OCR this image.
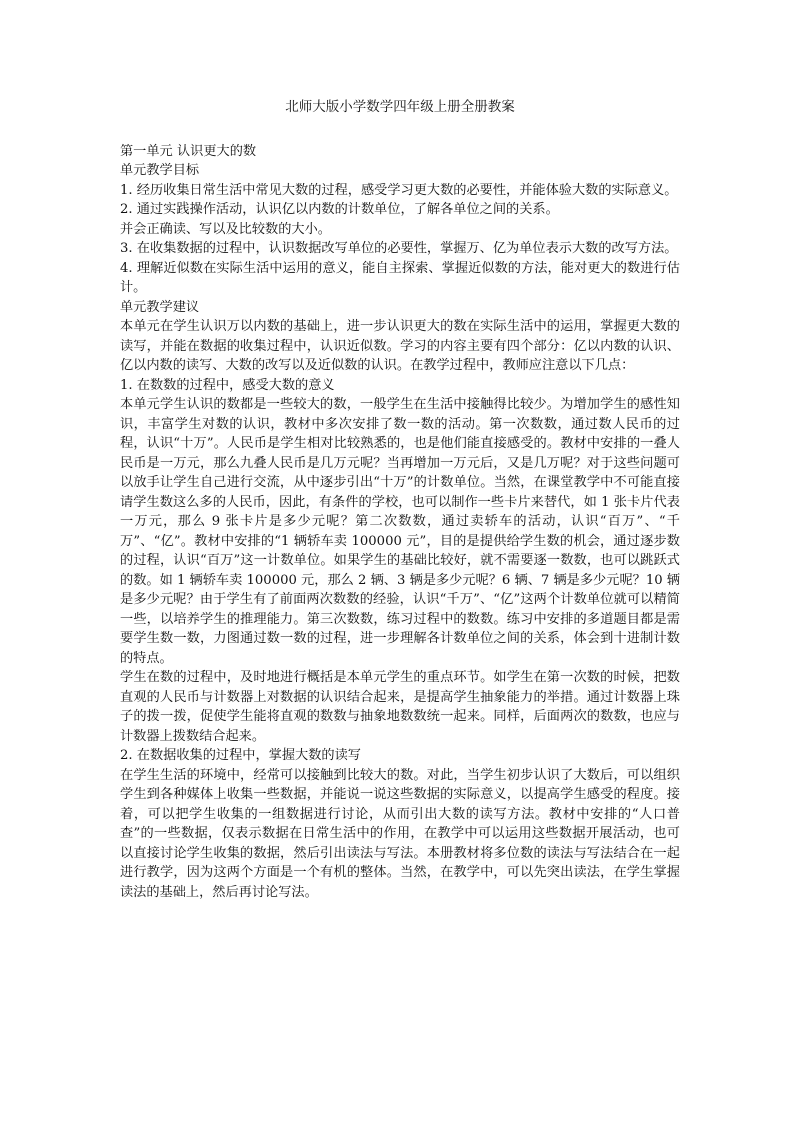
北师大版小学数学四年级上册全册教案

第一单元 认识更大的数

单元教学目标

1. 经历收集日常生活中常见大数的过程，感受学习更大数的必要性，并能体验大数的实际意义。

2. 通过实践操作活动，认识亿以内数的计数单位，了解各单位之间的关系。

并会正确读、写以及比较数的大小。

3. 在收集数据的过程中，认识数据改写单位的必要性，掌握万、亿为单位表示大数的改写方法。

4. 理解近似数在实际生活中运用的意义，能自主探索、掌握近似数的方法，能对更大的数进行估计。

单元教学建议

本单元在学生认识万以内数的基础上，进一步认识更大的数在实际生活中的运用，掌握更大数的读写，并能在数据的收集过程中，认识近似数。学习的内容主要有四个部分：亿以内数的认识、亿以内数的读写、大数的改写以及近似数的认识。在教学过程中，教师应注意以下几点：

1. 在数数的过程中，感受大数的意义

本单元学生认识的数都是一些较大的数，一般学生在生活中接触得比较少。为增加学生的感性知识，丰富学生对数的认识，教材中多次安排了数一数的活动。第一次数数，通过数人民币的过程，认识“十万”。人民币是学生相对比较熟悉的，也是他们能直接感受的。教材中安排的一叠人民币是一万元，那么九叠人民币是几万元呢？当再增加一万元后，又是几万呢？对于这些问题可以放手让学生自己进行交流，从中逐步引出“十万”的计数单位。当然，在课堂教学中不可能直接请学生数这么多的人民币，因此，有条件的学校，也可以制作一些卡片来替代，如 1 张卡片代表一万元，那么 9 张卡片是多少元呢？第二次数数，通过卖轿车的活动，认识“百万”、“千万”、“亿”。教材中安排的“1 辆轿车卖 100000 元”，目的是提供给学生数的机会，通过逐步数的过程，认识“百万”这一计数单位。如果学生的基础比较好，就不需要逐一数数，也可以跳跃式的数。如 1 辆轿车卖 100000 元，那么 2 辆、3 辆是多少元呢？6 辆、7 辆是多少元呢？10 辆是多少元呢？由于学生有了前面两次数数的经验，认识“千万”、“亿”这两个计数单位就可以精简一些，以培养学生的推理能力。第三次数数，练习过程中的数数。练习中安排的多道题目都是需要学生数一数，力图通过数一数的过程，进一步理解各计数单位之间的关系，体会到十进制计数的特点。

学生在数的过程中，及时地进行概括是本单元学生的重点环节。如学生在第一次数的时候，把数直观的人民币与计数器上对数据的认识结合起来，是提高学生抽象能力的举措。通过计数器上珠子的拨一拨，促使学生能将直观的数数与抽象地数数统一起来。同样，后面两次的数数，也应与计数器上拨数结合起来。

2. 在数据收集的过程中，掌握大数的读写

在学生生活的环境中，经常可以接触到比较大的数。对此，当学生初步认识了大数后，可以组织学生到各种媒体上收集一些数据，并能说一说这些数据的实际意义，以提高学生感受的程度。接着，可以把学生收集的一组数据进行讨论，从而引出大数的读写方法。教材中安排的“人口普查”的一些数据，仅表示数据在日常生活中的作用，在教学中可以运用这些数据开展活动，也可以直接讨论学生收集的数据，然后引出读法与写法。本册教材将多位数的读法与写法结合在一起进行教学，因为这两个方面是一个有机的整体。当然，在教学中，可以先突出读法，在学生掌握读法的基础上，然后再讨论写法。
